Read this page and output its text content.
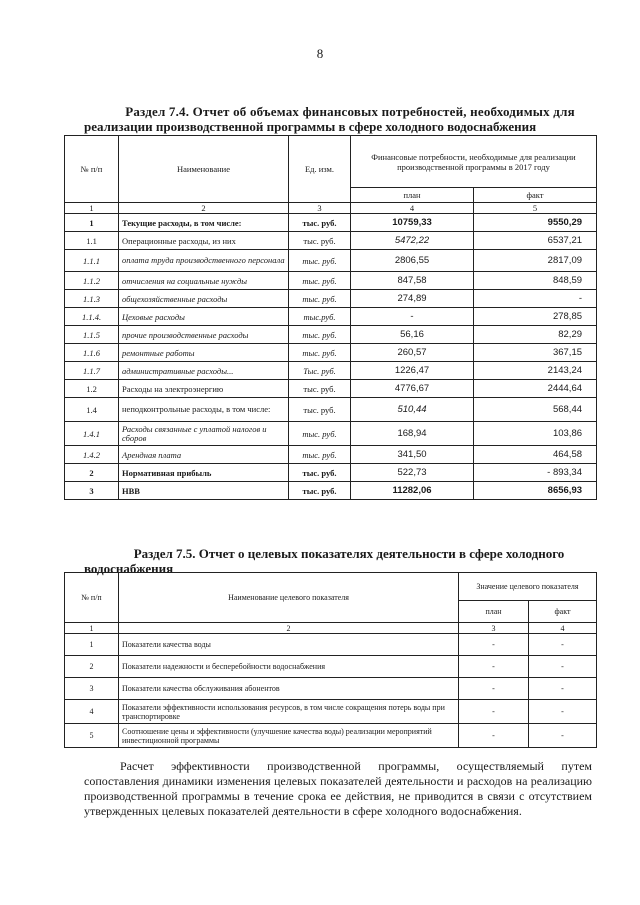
8
Раздел 7.4. Отчет об объемах финансовых потребностей, необходимых для
реализации производственной программы в сфере холодного водоснабжения
№ п/п	Наименование	Ед. изм.	Финансовые потребности, необходимые для реализации производственной программы в 2017 году	
			план	факт
1	2	3	4	5
1	Текущие расходы, в том числе:	тыс. руб.	10759,33	9550,29
1.1	Операционные расходы, из них	тыс. руб.	5472,22	6537,21
1.1.1	оплата труда производственного персонала	тыс. руб.	2806,55	2817,09
1.1.2	отчисления на социальные нужды	тыс. руб.	847,58	848,59
1.1.3	общехозяйственные расходы	тыс. руб.	274,89	-
1.1.4.	Цеховые расходы	тыс.руб.	-	278,85
1.1.5	прочие производственные расходы	тыс. руб.	56,16	82,29
1.1.6	ремонтные работы	тыс. руб.	260,57	367,15
1.1.7	административные расходы...	Тыс. руб.	1226,47	2143,24
1.2	Расходы на электроэнергию	тыс. руб.	4776,67	2444,64
1.4	неподконтрольные расходы, в том числе:	тыс. руб.	510,44	568,44
1.4.1	Расходы связанные с уплатой налогов и сборов	тыс. руб.	168,94	103,86
1.4.2	Арендная плата	тыс. руб.	341,50	464,58
2	Нормативная прибыль	тыс. руб.	522,73	- 893,34
3	НВВ	тыс. руб.	11282,06	8656,93
Раздел 7.5. Отчет о целевых показателях деятельности в сфере холодного
водоснабжения
№ п/п	Наименование целевого показателя	Значение целевого показателя	
		план	факт
1	2	3	4
1	Показатели качества воды	-	-
2	Показатели надежности и бесперебойности водоснабжения	-	-
3	Показатели качества обслуживания абонентов	-	-
4	Показатели эффективности использования ресурсов, в том числе сокращения потерь воды при транспортировке	-	-
5	Соотношение цены и эффективности (улучшение качества воды) реализации мероприятий инвестиционной программы	-	-

Расчет эффективности производственной программы, осуществляемый путем сопоставления динамики изменения целевых показателей деятельности и расходов на реализацию производственной программы в течение срока ее действия, не приводится в связи с отсутствием утвержденных целевых показателей деятельности в сфере холодного водоснабжения.
